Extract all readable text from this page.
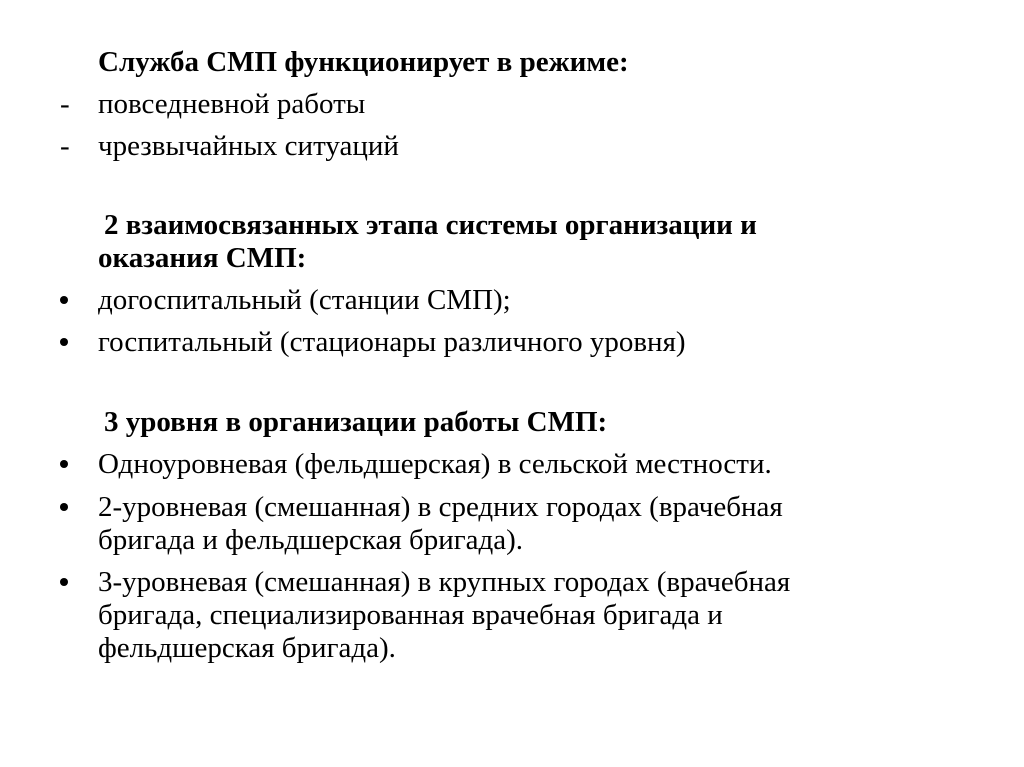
Служба СМП функционирует в режиме:
- повседневной работы
- чрезвычайных ситуаций
2 взаимосвязанных этапа системы организации и
оказания СМП:
догоспитальный (станции СМП);
госпитальный (стационары различного уровня)
3 уровня в организации работы СМП:
Одноуровневая (фельдшерская) в сельской местности.
2-уровневая (смешанная) в средних городах (врачебная
бригада и фельдшерская бригада).
3-уровневая (смешанная) в крупных городах (врачебная
бригада, специализированная врачебная бригада и
фельдшерская бригада).
